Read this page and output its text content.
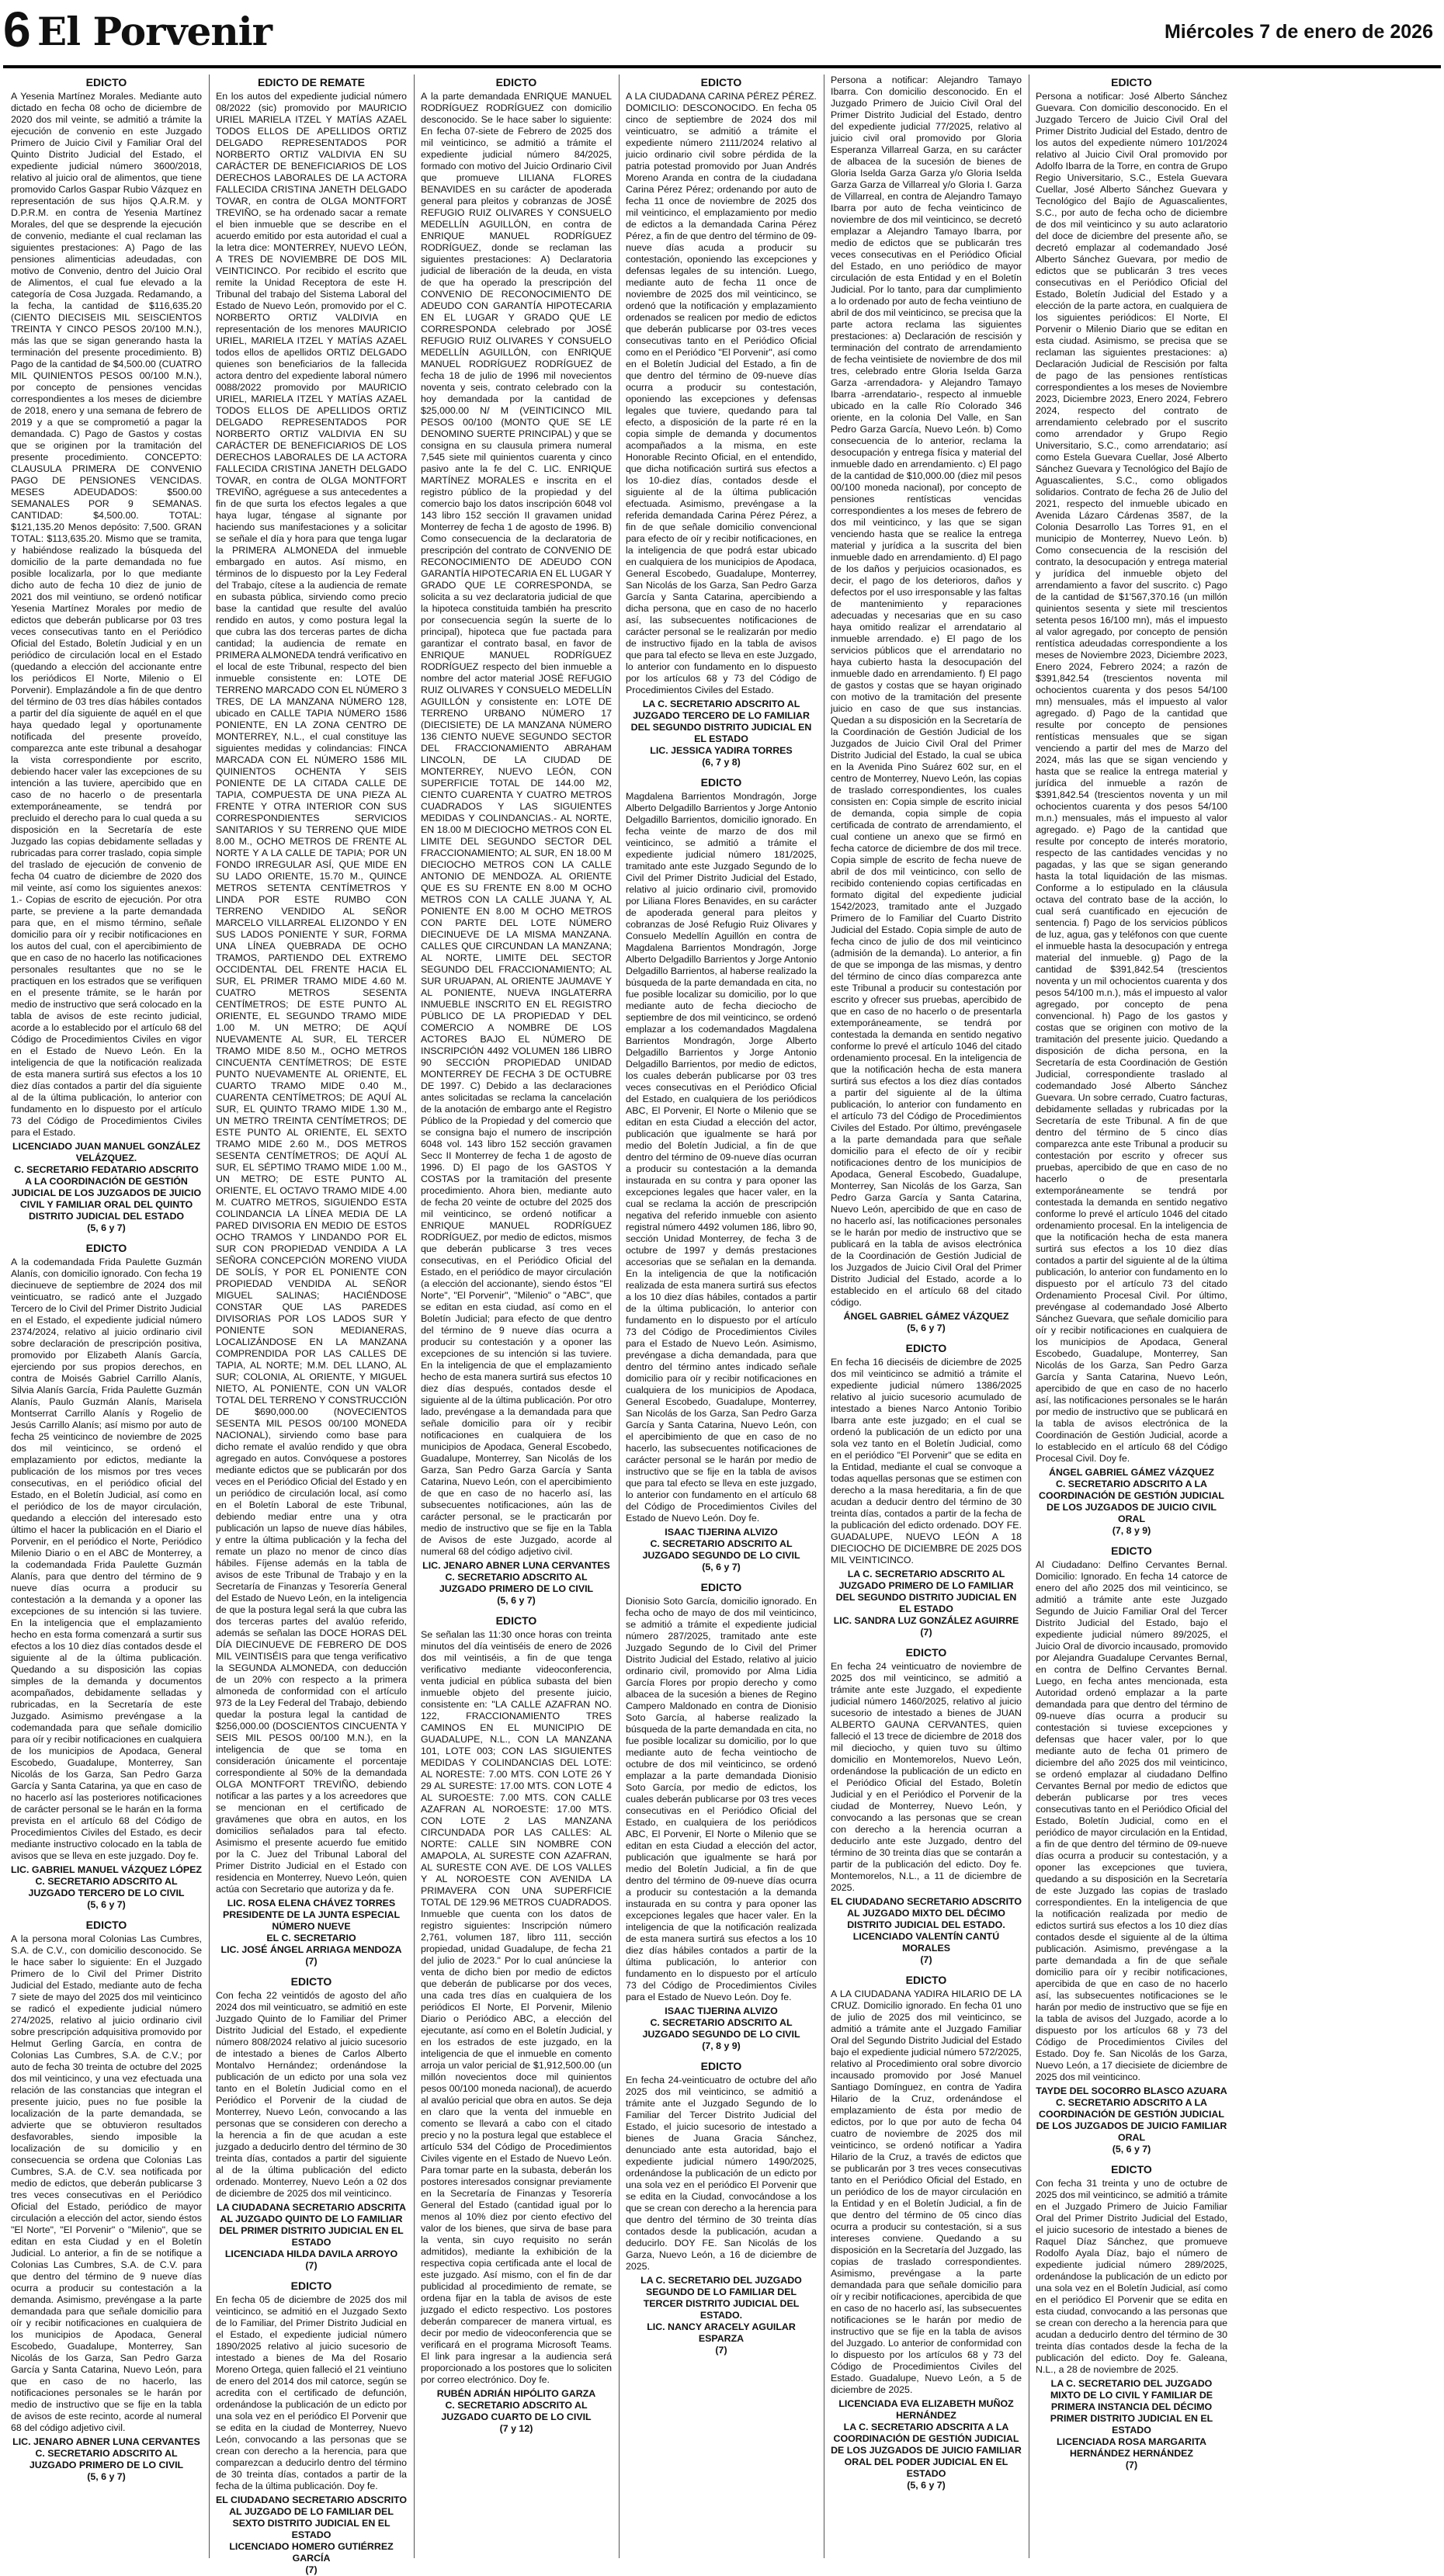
6 El Porvenir	Miércoles 7 de enero de 2026
EDICTO

A Yesenia Martínez Morales. Mediante auto dictado en fecha 08 ocho de diciembre de 2020 dos mil veinte, se admitió a trámite la ejecución de convenio en este Juzgado Primero de Juicio Civil y Familiar Oral del Quinto Distrito Judicial del Estado, el expediente judicial número 3600/2018, relativo al juicio oral de alimentos, que tiene promovido Carlos Gaspar Rubio Vázquez en representación de sus hijos Q.A.R.M. y D.P.R.M. en contra de Yesenia Martínez Morales, del que se desprende la ejecución de convenio, mediante el cual reclaman las siguientes prestaciones: A) Pago de las pensiones alimenticias adeudadas, con motivo de Convenio, dentro del Juicio Oral de Alimentos, el cual fue elevado a la categoría de Cosa Juzgada. Redamando, a la fecha, la cantidad de $116,635.20 (CIENTO DIECISEIS MIL SEISCIENTOS TREINTA Y CINCO PESOS 20/100 M.N.), más las que se sigan generando hasta la terminación del presente procedimiento. B) Pago de la cantidad de $4,500.00 (CUATRO MIL QUINIENTOS PESOS 00/100 M.N.), por concepto de pensiones vencidas correspondientes a los meses de diciembre de 2018, enero y una semana de febrero de 2019 y a que se comprometió a pagar la demandada. C) Pago de Gastos y costas que se originen por la tramitación del presente procedimiento. CONCEPTO: CLAUSULA PRIMERA DE CONVENIO PAGO DE PENSIONES VENCIDAS. MESES ADEUDADOS: $500.00 SEMANALES POR 9 SEMANAS. CANTIDAD: $4,500.00. TOTAL: $121,135.20 Menos depósito: 7,500. GRAN TOTAL: $113,635.20. Mismo que se tramita, y habiéndose realizado la búsqueda del domicilio de la parte demandada no fue posible localizarla, por lo que mediante dicho auto de fecha 10 diez de junio de 2021 dos mil veintiuno, se ordenó notificar Yesenia Martínez Morales por medio de edictos que deberán publicarse por 03 tres veces consecutivas tanto en el Periódico Oficial del Estado, Boletín Judicial y en un periódico de circulación local en el Estado (quedando a elección del accionante entre los periódicos El Norte, Milenio o El Porvenir). Emplazándole a fin de que dentro del término de 03 tres días hábiles contados a partir del día siguiente de aquél en el que haya quedado legal y oportunamente notificada del presente proveído, comparezca ante este tribunal a desahogar la vista correspondiente por escrito, debiendo hacer valer las excepciones de su intención a las tuviere, apercibido que en caso de no hacerlo o de presentarla extemporáneamente, se tendrá por precluido el derecho para lo cual queda a su disposición en la Secretaría de este Juzgado las copias debidamente selladas y rubricadas para correr traslado, copia simple del traslado de ejecución de convenio de fecha 04 cuatro de diciembre de 2020 dos mil veinte, así como los siguientes anexos: 1.- Copias de escrito de ejecución. Por otra parte, se previene a la parte demandada para que, en el mismo término, señale domicilio para oír y recibir notificaciones en los autos del cual, con el apercibimiento de que en caso de no hacerlo las notificaciones personales resultantes que no se le practiquen en los estrados que se verifiquen en el presente trámite, se le harán por medio de instructivo que será colocado en la tabla de avisos de este recinto judicial, acorde a lo establecido por el artículo 68 del Código de Procedimientos Civiles en vigor en el Estado de Nuevo León. En la inteligencia de que la notificación realizada de esta manera surtirá sus efectos a los 10 diez días contados a partir del día siguiente al de la última publicación, lo anterior con fundamento en lo dispuesto por el artículo 73 del Código de Procedimientos Civiles para el Estado.

LICENCIADO JUAN MANUEL GONZÁLEZ VELÁZQUEZ.
C. SECRETARIO FEDATARIO ADSCRITO A LA COORDINACIÓN DE GESTIÓN JUDICIAL DE LOS JUZGADOS DE JUICIO CIVIL Y FAMILIAR ORAL DEL QUINTO DISTRITO JUDICIAL DEL ESTADO
(5, 6 y 7)
EDICTO

A la codemandada Frida Paulette Guzmán Alanís, con domicilio ignorado. Con fecha 19 diecinueve de septiembre de 2024 dos mil veinticuatro, se radicó ante el Juzgado Tercero de lo Civil del Primer Distrito Judicial en el Estado, el expediente judicial número 2374/2024, relativo al juicio ordinario civil sobre declaración de prescripción positiva, promovido por Elizabeth Alanís García, ejerciendo por sus propios derechos, en contra de Moisés Gabriel Carrillo Alanís, Silvia Alanís García, Frida Paulette Guzmán Alanís, Paulo Guzmán Alanís, Marisela Montserrat Carrillo Alanís y Rogelio de Jesús Carrillo Alanís; así mismo por auto de fecha 25 veinticinco de noviembre de 2025 dos mil veinticinco, se ordenó el emplazamiento por edictos, mediante la publicación de los mismos por tres veces consecutivas, en el periódico oficial del Estado, en el Boletín Judicial, así como en el periódico de los de mayor circulación, quedando a elección del interesado esto último el hacer la publicación en el Diario el Porvenir, en el periódico el Norte, Periódico Milenio Diario o en el ABC de Monterrey, a la codemandada Frida Paulette Guzmán Alanís, para que dentro del término de 9 nueve días ocurra a producir su contestación a la demanda y a oponer las excepciones de su intención si las tuviere. En la inteligencia que el emplazamiento hecho en esta forma comenzará a surtir sus efectos a los 10 diez días contados desde el siguiente al de la última publicación. Quedando a su disposición las copias simples de la demanda y documentos acompañados, debidamente selladas y rubricadas, en la Secretaría de este Juzgado. Asimismo prevéngase a la codemandada para que señale domicilio para oír y recibir notificaciones en cualquiera de los municipios de Apodaca, General Escobedo, Guadalupe, Monterrey, San Nicolás de los Garza, San Pedro Garza García y Santa Catarina, ya que en caso de no hacerlo así las posteriores notificaciones de carácter personal se le harán en la forma prevista en el artículo 68 del Código de Procedimientos Civiles del Estado, es decir mediante instructivo colocado en la tabla de avisos que se lleva en este juzgado. Doy fe.

LIC. GABRIEL MANUEL VÁZQUEZ LÓPEZ
C. SECRETARIO ADSCRITO AL JUZGADO TERCERO DE LO CIVIL
(5, 6 y 7)
EDICTO

A la persona moral Colonias Las Cumbres, S.A. de C.V., con domicilio desconocido. Se le hace saber lo siguiente: En el Juzgado Primero de lo Civil del Primer Distrito Judicial del Estado, mediante auto de fecha 7 siete de mayo del 2025 dos mil veinticinco se radicó el expediente judicial número 274/2025, relativo al juicio ordinario civil sobre prescripción adquisitiva promovido por Helmut Gerling García, en contra de Colonias Las Cumbres, S.A. de C.V.; por auto de fecha 30 treinta de octubre del 2025 dos mil veinticinco, y una vez efectuada una relación de las constancias que integran el presente juicio, pues no fue posible la localización de la parte demandada, se advierte que se obtuvieron resultados desfavorables, siendo imposible la localización de su domicilio y en consecuencia se ordena que Colonias Las Cumbres, S.A. de C.V. sea notificada por medio de edictos, que deberán publicarse 3 tres veces consecutivas en el Periódico Oficial del Estado, periódico de mayor circulación a elección del actor, siendo éstos "El Norte", "El Porvenir" o "Milenio", que se editan en esta Ciudad y en el Boletín Judicial. Lo anterior, a fin de se notifique a Colonias Las Cumbres, S.A. de C.V. para que dentro del término de 9 nueve días ocurra a producir su contestación a la demanda. Asimismo, prevéngase a la parte demandada para que señale domicilio para oír y recibir notificaciones en cualquiera de los municipios de Apodaca, General Escobedo, Guadalupe, Monterrey, San Nicolás de los Garza, San Pedro Garza García y Santa Catarina, Nuevo León, para que en caso de no hacerlo, las notificaciones personales se le harán por medio de instructivo que se fije en la tabla de avisos de este recinto, acorde al numeral 68 del código adjetivo civil.

LIC. JENARO ABNER LUNA CERVANTES
C. SECRETARIO ADSCRITO AL JUZGADO PRIMERO DE LO CIVIL
(5, 6 y 7)
EDICTO DE REMATE

En los autos del expediente judicial número 08/2022 (sic) promovido por MAURICIO URIEL MARIELA ITZEL Y MATÍAS AZAEL TODOS ELLOS DE APELLIDOS ORTIZ DELGADO REPRESENTADOS POR NORBERTO ORTIZ VALDIVIA EN SU CARÁCTER DE BENEFICIARIOS DE LOS DERECHOS LABORALES DE LA ACTORA FALLECIDA CRISTINA JANETH DELGADO TOVAR, en contra de OLGA MONTFORT TREVIÑO, se ha ordenado sacar a remate el bien inmueble que se describe en el acuerdo emitido por esta autoridad el cual a la letra dice: MONTERREY, NUEVO LEÓN, A TRES DE NOVIEMBRE DE DOS MIL VEINTICINCO. Por recibido el escrito que remite la Unidad Receptora de este H. Tribunal del trabajo del Sistema Laboral del Estado de Nuevo León, promovido por el C. NORBERTO ORTIZ VALDIVIA en representación de los menores MAURICIO URIEL, MARIELA ITZEL Y MATÍAS AZAEL todos ellos de apellidos ORTIZ DELGADO quienes son beneficiarios de la fallecida actora dentro del expediente laboral número 0088/2022 promovido por MAURICIO URIEL, MARIELA ITZEL Y MATÍAS AZAEL TODOS ELLOS DE APELLIDOS ORTIZ DELGADO REPRESENTADOS POR NORBERTO ORTIZ VALDIVIA EN SU CARÁCTER DE BENEFICIARIOS DE LOS DERECHOS LABORALES DE LA ACTORA FALLECIDA CRISTINA JANETH DELGADO TOVAR, en contra de OLGA MONTFORT TREVIÑO, agréguese a sus antecedentes a fin de que surta los efectos legales a que haya lugar, téngase al signante por haciendo sus manifestaciones y a solicitar se señale el día y hora para que tenga lugar la PRIMERA ALMONEDA del inmueble embargado en autos. Así mismo, en términos de lo dispuesto por la Ley Federal del Trabajo, cítese a la audiencia de remate en subasta pública, sirviendo como precio base la cantidad que resulte del avalúo rendido en autos, y como postura legal la que cubra las dos terceras partes de dicha cantidad; la audiencia de remate en PRIMERA ALMONEDA tendrá verificativo en el local de este Tribunal, respecto del bien inmueble consistente en: LOTE DE TERRENO MARCADO CON EL NÚMERO 3 TRES, DE LA MANZANA NÚMERO 128, ubicado en CALLE TAPIA NÚMERO 1586 PONIENTE, EN LA ZONA CENTRO DE MONTERREY, N.L., el cual constituye las siguientes medidas y colindancias: FINCA MARCADA CON EL NÚMERO 1586 MIL QUINIENTOS OCHENTA Y SEIS PONIENTE DE LA CITADA CALLE DE TAPIA, COMPUESTA DE UNA PIEZA AL FRENTE Y OTRA INTERIOR CON SUS CORRESPONDIENTES SERVICIOS SANITARIOS Y SU TERRENO QUE MIDE 8.00 M., OCHO METROS DE FRENTE AL NORTE Y A LA CALLE DE TAPIA; POR UN FONDO IRREGULAR ASÍ, QUE MIDE EN SU LADO ORIENTE, 15.70 M., QUINCE METROS SETENTA CENTÍMETROS Y LINDA POR ESTE RUMBO CON TERRENO VENDIDO AL SEÑOR MARCELO VILLARREAL ELIZONDO Y EN SUS LADOS PONIENTE Y SUR, FORMA UNA LÍNEA QUEBRADA DE OCHO TRAMOS, PARTIENDO DEL EXTREMO OCCIDENTAL DEL FRENTE HACIA EL SUR, EL PRIMER TRAMO MIDE 4.60 M. CUATRO METROS SESENTA CENTÍMETROS; DE ESTE PUNTO AL ORIENTE, EL SEGUNDO TRAMO MIDE 1.00 M. UN METRO; DE AQUÍ NUEVAMENTE AL SUR, EL TERCER TRAMO MIDE 8.50 M., OCHO METROS CINCUENTA CENTÍMETROS; DE ESTE PUNTO NUEVAMENTE AL ORIENTE, EL CUARTO TRAMO MIDE 0.40 M., CUARENTA CENTÍMETROS; DE AQUÍ AL SUR, EL QUINTO TRAMO MIDE 1.30 M., UN METRO TREINTA CENTÍMETROS; DE ESTE PUNTO AL ORIENTE, EL SEXTO TRAMO MIDE 2.60 M., DOS METROS SESENTA CENTÍMETROS; DE AQUÍ AL SUR, EL SÉPTIMO TRAMO MIDE 1.00 M., UN METRO; DE ESTE PUNTO AL ORIENTE, EL OCTAVO TRAMO MIDE 4.00 M. CUATRO METROS, SIGUIENDO ESTA COLINDANCIA LA LÍNEA MEDIA DE LA PARED DIVISORIA EN MEDIO DE ESTOS OCHO TRAMOS Y LINDANDO POR EL SUR CON PROPIEDAD VENDIDA A LA SEÑORA CONCEPCIÓN MORENO VIUDA DE SOLÍS, Y POR EL PONIENTE CON PROPIEDAD VENDIDA AL SEÑOR MIGUEL SALINAS; HACIÉNDOSE CONSTAR QUE LAS PAREDES DIVISORIAS POR LOS LADOS SUR Y PONIENTE SON MEDIANERAS, LOCALIZÁNDOSE EN LA MANZANA COMPRENDIDA POR LAS CALLES DE TAPIA, AL NORTE; M.M. DEL LLANO, AL SUR; COLONIA, AL ORIENTE, Y MIGUEL NIETO, AL PONIENTE, CON UN VALOR TOTAL DEL TERRENO Y CONSTRUCCIÓN DE $690,000.00 (NOVECIENTOS SESENTA MIL PESOS 00/100 MONEDA NACIONAL), sirviendo como base para dicho remate el avalúo rendido y que obra agregado en autos. Convóquese a postores mediante edictos que se publicarán por dos veces en el Periódico Oficial del Estado y en un periódico de circulación local, así como en el Boletín Laboral de este Tribunal, debiendo mediar entre una y otra publicación un lapso de nueve días hábiles, y entre la última publicación y la fecha del remate un plazo no menor de cinco días hábiles. Fíjense además en la tabla de avisos de este Tribunal de Trabajo y en la Secretaría de Finanzas y Tesorería General del Estado de Nuevo León, en la inteligencia de que la postura legal será la que cubra las dos terceras partes del avalúo referido, además se señalan las DOCE HORAS DEL DÍA DIECINUEVE DE FEBRERO DE DOS MIL VEINTISÉIS para que tenga verificativo la SEGUNDA ALMONEDA, con deducción de un 20% con respecto a la primera almoneda de conformidad con el artículo 973 de la Ley Federal del Trabajo, debiendo quedar la postura legal la cantidad de $256,000.00 (DOSCIENTOS CINCUENTA Y SEIS MIL PESOS 00/100 M.N.), en la inteligencia de que se toma en consideración únicamente el porcentaje correspondiente al 50% de la demandada OLGA MONTFORT TREVIÑO, debiendo notificar a las partes y a los acreedores que se mencionan en el certificado de gravámenes que obra en autos, en los domicilios señalados para tal efecto. Asimismo el presente acuerdo fue emitido por la C. Juez del Tribunal Laboral del Primer Distrito Judicial en el Estado con residencia en Monterrey, Nuevo León, quien actúa con Secretario que autoriza y da fe.

LIC. ROSA ELENA CHÁVEZ TORRES
PRESIDENTE DE LA JUNTA ESPECIAL NÚMERO NUEVE
EL C. SECRETARIO
LIC. JOSÉ ÁNGEL ARRIAGA MENDOZA
(7)
EDICTO

Con fecha 22 veintidós de agosto del año 2024 dos mil veinticuatro, se admitió en este Juzgado Quinto de lo Familiar del Primer Distrito Judicial del Estado, el expediente número 808/2024 relativo al juicio sucesorio de intestado a bienes de Carlos Alberto Montalvo Hernández; ordenándose la publicación de un edicto por una sola vez tanto en el Boletín Judicial como en el Periódico el Porvenir de la ciudad de Monterrey, Nuevo León, convocando a las personas que se consideren con derecho a la herencia a fin de que acudan a este juzgado a deducirlo dentro del término de 30 treinta días, contados a partir del siguiente al de la última publicación del edicto ordenado. Monterrey, Nuevo León a 02 dos de diciembre de 2025 dos mil veinticinco.

LA CIUDADANA SECRETARIO ADSCRITA AL JUZGADO QUINTO DE LO FAMILIAR DEL PRIMER DISTRITO JUDICIAL EN EL ESTADO
LICENCIADA HILDA DAVILA ARROYO
(7)
EDICTO

En fecha 05 de diciembre de 2025 dos mil veinticinco, se admitió en el Juzgado Sexto de lo Familiar, del Primer Distrito Judicial en el Estado, el expediente judicial número 1890/2025 relativo al juicio sucesorio de intestado a bienes de Ma del Rosario Moreno Ortega, quien falleció el 21 veintiuno de enero del 2014 dos mil catorce, según se acredita con el certificado de defunción, ordenándose la publicación de un edicto por una sola vez en el periódico El Porvenir que se edita en la ciudad de Monterrey, Nuevo León, convocando a las personas que se crean con derecho a la herencia, para que comparezcan a deducirlo dentro del término de 30 treinta días, contados a partir de la fecha de la última publicación. Doy fe.

EL CIUDADANO SECRETARIO ADSCRITO AL JUZGADO DE LO FAMILIAR DEL SEXTO DISTRITO JUDICIAL EN EL ESTADO
LICENCIADO HOMERO GUTIÉRREZ GARCÍA
(7)
EDICTO

A la parte demandada ENRIQUE MANUEL RODRÍGUEZ RODRÍGUEZ con domicilio desconocido. Se le hace saber lo siguiente: En fecha 07-siete de Febrero de 2025 dos mil veinticinco, se admitió a trámite el expediente judicial número 84/2025, formado con motivo del Juicio Ordinario Civil que promueve LILIANA FLORES BENAVIDES en su carácter de apoderada general para pleitos y cobranzas de JOSÉ REFUGIO RUIZ OLIVARES Y CONSUELO MEDELLÍN AGUILLÓN, en contra de ENRIQUE MANUEL RODRÍGUEZ RODRÍGUEZ, donde se reclaman las siguientes prestaciones: A) Declaratoria judicial de liberación de la deuda, en vista de que ha operado la prescripción del CONVENIO DE RECONOCIMIENTO DE ADEUDO CON GARANTÍA HIPOTECARIA EN EL LUGAR Y GRADO QUE LE CORRESPONDA celebrado por JOSÉ REFUGIO RUIZ OLIVARES Y CONSUELO MEDELLÍN AGUILLÓN, con ENRIQUE MANUEL RODRÍGUEZ RODRÍGUEZ de fecha 18 de julio de 1996 mil novecientos noventa y seis, contrato celebrado con la hoy demandada por la cantidad de $25,000.00 N/ M (VEINTICINCO MIL PESOS 00/100 (MONTO QUE SE LE DENOMINO SUERTE PRINCIPAL) y que se consigna en su clausula primera numeral 7,545 siete mil quinientos cuarenta y cinco pasivo ante la fe del C. LIC. ENRIQUE MARTÍNEZ MORALES e inscrita en el registro público de la propiedad y del comercio bajo los datos inscripción 6048 vol 143 libro 152 sección II gravamen unidad Monterrey de fecha 1 de agosto de 1996. B) Como consecuencia de la declaratoria de prescripción del contrato de CONVENIO DE RECONOCIMIENTO DE ADEUDO CON GARANTÍA HIPOTECARIA EN EL LUGAR Y GRADO QUE LE CORRESPONDA, se solicita a su vez declaratoria judicial de que la hipoteca constituida también ha prescrito por consecuencia según la suerte de lo principal), hipoteca que fue pactada para garantizar el contrato basal, en favor de ENRIQUE MANUEL RODRÍGUEZ RODRÍGUEZ respecto del bien inmueble a nombre del actor material JOSÉ REFUGIO RUIZ OLIVARES Y CONSUELO MEDELLÍN AGUILLÓN y consistente en: LOTE DE TERRENO URBANO NÚMERO 17 (DIECISIETE) DE LA MANZANA NÚMERO 136 CIENTO NUEVE SEGUNDO SECTOR DEL FRACCIONAMIENTO ABRAHAM LINCOLN, DE LA CIUDAD DE MONTERREY, NUEVO LEÓN, CON SUPERFICIE TOTAL DE 144.00 M2, CIENTO CUARENTA Y CUATRO METROS CUADRADOS Y LAS SIGUIENTES MEDIDAS Y COLINDANCIAS.- AL NORTE, EN 18.00 M DIECIOCHO METROS CON EL LIMITE DEL SEGUNDO SECTOR DEL FRACCIONAMIENTO; AL SUR, EN 18.00 M DIECIOCHO METROS CON LA CALLE ANTONIO DE MENDOZA. AL ORIENTE QUE ES SU FRENTE EN 8.00 M OCHO METROS CON LA CALLE JUANA Y, AL PONIENTE EN 8.00 M OCHO METROS CON PARTE DEL LOTE NÚMERO DIECINUEVE DE LA MISMA MANZANA. CALLES QUE CIRCUNDAN LA MANZANA; AL NORTE, LIMITE DEL SECTOR SEGUNDO DEL FRACCIONAMIENTO; AL SUR URUAPAN, AL ORIENTE JAUMAVE Y AL PONIENTE, NUEVA INGLATERRA INMUEBLE INSCRITO EN EL REGISTRO PÚBLICO DE LA PROPIEDAD Y DEL COMERCIO A NOMBRE DE LOS ACTORES BAJO EL NÚMERO DE INSCRIPCIÓN 4492 VOLUMEN 186 LIBRO 90 SECCIÓN PROPIEDAD UNIDAD MONTERREY DE FECHA 3 DE OCTUBRE DE 1997. C) Debido a las declaraciones antes solicitadas se reclama la cancelación de la anotación de embargo ante el Registro Público de la Propiedad y del comercio que se consigna bajo el numero de inscripción 6048 vol. 143 libro 152 sección gravamen Secc II Monterrey de fecha 1 de agosto de 1996. D) El pago de los GASTOS Y COSTAS por la tramitación del presente procedimiento. Ahora bien, mediante auto de fecha 20 veinte de octubre del 2025 dos mil veinticinco, se ordenó notificar a ENRIQUE MANUEL RODRÍGUEZ RODRÍGUEZ, por medio de edictos, mismos que deberán publicarse 3 tres veces consecutivas, en el Periódico Oficial del Estado, en el periódico de mayor circulación (a elección del accionante), siendo éstos "El Norte", "El Porvenir", "Milenio" o "ABC", que se editan en esta ciudad, así como en el Boletín Judicial; para efecto de que dentro del término de 9 nueve días ocurra a producir su contestación y a oponer las excepciones de su intención si las tuviere. En la inteligencia de que el emplazamiento hecho de esta manera surtirá sus efectos 10 diez días después, contados desde el siguiente al de la última publicación. Por otro lado, prevéngase a la demandada para que señale domicilio para oír y recibir notificaciones en cualquiera de los municipios de Apodaca, General Escobedo, Guadalupe, Monterrey, San Nicolás de los Garza, San Pedro Garza García y Santa Catarina, Nuevo León, con el apercibimiento de que en caso de no hacerlo así, las subsecuentes notificaciones, aún las de carácter personal, se le practicarán por medio de instructivo que se fije en la Tabla de Avisos de este Juzgado, acorde al numeral 68 del código adjetivo civil.

LIC. JENARO ABNER LUNA CERVANTES
C. SECRETARIO ADSCRITO AL JUZGADO PRIMERO DE LO CIVIL
(5, 6 y 7)
EDICTO

Se señalan las 11:30 once horas con treinta minutos del día veintiséis de enero de 2026 dos mil veintiséis, a fin de que tenga verificativo mediante videoconferencia, venta judicial en pública subasta del bien inmueble objeto del presente juicio, consistente en: "LA CALLE AZAFRAN NO. 122, FRACCIONAMIENTO TRES CAMINOS EN EL MUNICIPIO DE GUADALUPE, N.L., CON LA MANZANA 101, LOTE 003; CON LAS SIGUIENTES MEDIDAS Y COLINDANCIAS DEL LOTE: AL NORESTE: 7.00 MTS. CON LOTE 26 Y 29 AL SURESTE: 17.00 MTS. CON LOTE 4 AL SUROESTE: 7.00 MTS. CON CALLE AZAFRAN AL NOROESTE: 17.00 MTS. CON LOTE 2 LAS MANZANA CIRCUNDADA POR LAS CALLES: AL NORTE: CALLE SIN NOMBRE CON AMAPOLA, AL SURESTE CON AZAFRAN, AL SURESTE CON AVE. DE LOS VALLES Y AL NOROESTE CON AVENIDA LA PRIMAVERA CON UNA SUPERFICIE TOTAL DE 129.96 METROS CUADRADOS. Inmueble que cuenta con los datos de registro siguientes: Inscripción número 2,761, volumen 187, libro 111, sección propiedad, unidad Guadalupe, de fecha 21 del julio de 2023." Por lo cual anúnciese la venta de dicho bien por medio de edictos que deberán de publicarse por dos veces, una cada tres días en cualquiera de los periódicos El Norte, El Porvenir, Milenio Diario o Periódico ABC, a elección del ejecutante, así como en el Boletín Judicial, y en los estrados de este juzgado, en la inteligencia de que el inmueble en comento arroja un valor pericial de $1,912,500.00 (un millón novecientos doce mil quinientos pesos 00/100 moneda nacional), de acuerdo al avalúo pericial que obra en autos. Se deja en claro que la venta del inmueble en comento se llevará a cabo con el citado precio y no la postura legal que establece el artículo 534 del Código de Procedimientos Civiles vigente en el Estado de Nuevo León. Para tomar parte en la subasta, deberán los postores interesados consignar previamente en la Secretaría de Finanzas y Tesorería General del Estado (cantidad igual por lo menos al 10% diez por ciento efectivo del valor de los bienes, que sirva de base para la venta, sin cuyo requisito no serán admitidos), mediante la exhibición de la respectiva copia certificada ante el local de este juzgado. Así mismo, con el fin de dar publicidad al procedimiento de remate, se ordena fijar en la tabla de avisos de este juzgado el edicto respectivo. Los postores deberán comparecer de manera virtual, es decir por medio de videoconferencia que se verificará en el programa Microsoft Teams. El link para ingresar a la audiencia será proporcionado a los postores que lo soliciten por correo electrónico. Doy fe.

RUBÉN ADRIÁN HIPÓLITO GARZA
C. SECRETARIO ADSCRITO AL JUZGADO CUARTO DE LO CIVIL
(7 y 12)
EDICTO

A LA CIUDADANA CARINA PÉREZ PÉREZ. DOMICILIO: DESCONOCIDO. En fecha 05 cinco de septiembre de 2024 dos mil veinticuatro, se admitió a trámite el expediente número 2111/2024 relativo al juicio ordinario civil sobre pérdida de la patria potestad promovido por Juan Andrés Moreno Aranda en contra de la ciudadana Carina Pérez Pérez; ordenando por auto de fecha 11 once de noviembre de 2025 dos mil veinticinco, el emplazamiento por medio de edictos a la demandada Carina Pérez Pérez, a fin de que dentro del término de 09-nueve días acuda a producir su contestación, oponiendo las excepciones y defensas legales de su intención. Luego, mediante auto de fecha 11 once de noviembre de 2025 dos mil veinticinco, se ordenó que la notificación y emplazamiento ordenados se realicen por medio de edictos que deberán publicarse por 03-tres veces consecutivas tanto en el Periódico Oficial como en el Periódico "El Porvenir", así como en el Boletín Judicial del Estado, a fin de que dentro del término de 09-nueve días ocurra a producir su contestación, oponiendo las excepciones y defensas legales que tuviere, quedando para tal efecto, a disposición de la parte ré en la copia simple de demanda y documentos acompañados a la misma, en este Honorable Recinto Oficial, en el entendido, que dicha notificación surtirá sus efectos a los 10-diez días, contados desde el siguiente al de la última publicación efectuada. Asimismo, prevéngase a la referida demandada Carina Pérez Pérez, a fin de que señale domicilio convencional para efecto de oír y recibir notificaciones, en la inteligencia de que podrá estar ubicado en cualquiera de los municipios de Apodaca, General Escobedo, Guadalupe, Monterrey, San Nicolás de los Garza, San Pedro Garza García y Santa Catarina, apercibiendo a dicha persona, que en caso de no hacerlo así, las subsecuentes notificaciones de carácter personal se le realizarán por medio de instructivo fijado en la tabla de avisos que para tal efecto se lleva en este Juzgado, lo anterior con fundamento en lo dispuesto por los artículos 68 y 73 del Código de Procedimientos Civiles del Estado.

LA C. SECRETARIO ADSCRITO AL JUZGADO TERCERO DE LO FAMILIAR DEL SEGUNDO DISTRITO JUDICIAL EN EL ESTADO
LIC. JESSICA YADIRA TORRES
(6, 7 y 8)
EDICTO

Magdalena Barrientos Mondragón, Jorge Alberto Delgadillo Barrientos y Jorge Antonio Delgadillo Barrientos, domicilio ignorado. En fecha veinte de marzo de dos mil veinticinco, se admitió a trámite el expediente judicial número 181/2025, tramitado ante este Juzgado Segundo de lo Civil del Primer Distrito Judicial del Estado, relativo al juicio ordinario civil, promovido por Liliana Flores Benavides, en su carácter de apoderada general para pleitos y cobranzas de José Refugio Ruiz Olivares y Consuelo Medellín Aguillón en contra de Magdalena Barrientos Mondragón, Jorge Alberto Delgadillo Barrientos y Jorge Antonio Delgadillo Barrientos, al haberse realizado la búsqueda de la parte demandada en cita, no fue posible localizar su domicilio, por lo que mediante auto de fecha dieciocho de septiembre de dos mil veinticinco, se ordenó emplazar a los codemandados Magdalena Barrientos Mondragón, Jorge Alberto Delgadillo Barrientos y Jorge Antonio Delgadillo Barrientos, por medio de edictos, los cuales deberán publicarse por 03 tres veces consecutivas en el Periódico Oficial del Estado, en cualquiera de los periódicos ABC, El Porvenir, El Norte o Milenio que se editan en esta Ciudad a elección del actor, publicación que igualmente se hará por medio del Boletín Judicial, a fin de que dentro del término de 09-nueve días ocurran a producir su contestación a la demanda instaurada en su contra y para oponer las excepciones legales que hacer valer, en la cual se reclama la acción de prescripción negativa del referido inmueble con asiento registral número 4492 volumen 186, libro 90, sección Unidad Monterrey, de fecha 3 de octubre de 1997 y demás prestaciones accesorias que se señalan en la demanda. En la inteligencia de que la notificación realizada de esta manera surtirá sus efectos a los 10 diez días hábiles, contados a partir de la última publicación, lo anterior con fundamento en lo dispuesto por el artículo 73 del Código de Procedimientos Civiles para el Estado de Nuevo León. Asimismo, prevéngase a dicha demandada, para que dentro del término antes indicado señale domicilio para oír y recibir notificaciones en cualquiera de los municipios de Apodaca, General Escobedo, Guadalupe, Monterrey, San Nicolás de los Garza, San Pedro Garza García y Santa Catarina, Nuevo León, con el apercibimiento de que en caso de no hacerlo, las subsecuentes notificaciones de carácter personal se le harán por medio de instructivo que se fije en la tabla de avisos que para tal efecto se lleva en este juzgado, lo anterior con fundamento en el artículo 68 del Código de Procedimientos Civiles del Estado de Nuevo León. Doy fe.

ISAAC TIJERINA ALVIZO
C. SECRETARIO ADSCRITO AL JUZGADO SEGUNDO DE LO CIVIL
(5, 6 y 7)
EDICTO

Dionisio Soto García, domicilio ignorado. En fecha ocho de mayo de dos mil veinticinco, se admitió a trámite el expediente judicial número 287/2025, tramitado ante este Juzgado Segundo de lo Civil del Primer Distrito Judicial del Estado, relativo al juicio ordinario civil, promovido por Alma Lidia García Flores por propio derecho y como albacea de la sucesión a bienes de Regino Campero Maldonado en contra de Dionisio Soto García, al haberse realizado la búsqueda de la parte demandada en cita, no fue posible localizar su domicilio, por lo que mediante auto de fecha veintiocho de octubre de dos mil veinticinco, se ordenó emplazar a la parte demandada Dionisio Soto García, por medio de edictos, los cuales deberán publicarse por 03 tres veces consecutivas en el Periódico Oficial del Estado, en cualquiera de los periódicos ABC, El Porvenir, El Norte o Milenio que se editan en esta Ciudad a elección del actor, publicación que igualmente se hará por medio del Boletín Judicial, a fin de que dentro del término de 09-nueve días ocurra a producir su contestación a la demanda instaurada en su contra y para oponer las excepciones legales que hacer valer. En la inteligencia de que la notificación realizada de esta manera surtirá sus efectos a los 10 diez días hábiles contados a partir de la última publicación, lo anterior con fundamento en lo dispuesto por el artículo 73 del Código de Procedimientos Civiles para el Estado de Nuevo León. Doy fe.

ISAAC TIJERINA ALVIZO
C. SECRETARIO ADSCRITO AL JUZGADO SEGUNDO DE LO CIVIL
(7, 8 y 9)
EDICTO

En fecha 24-veinticuatro de octubre del año 2025 dos mil veinticinco, se admitió a trámite ante el Juzgado Segundo de lo Familiar del Tercer Distrito Judicial del Estado, el juicio sucesorio de intestado a bienes de Juana Gracia Sánchez, denunciado ante esta autoridad, bajo el expediente judicial número 1490/2025, ordenándose la publicación de un edicto por una sola vez en el periódico El Porvenir que se edita en la Ciudad, convocándose a los que se crean con derecho a la herencia para que dentro del término de 30 treinta días contados desde la publicación, acudan a deducirlo. DOY FE. San Nicolás de los Garza, Nuevo León, a 16 de diciembre de 2025.

LA C. SECRETARIO DEL JUZGADO SEGUNDO DE LO FAMILIAR DEL TERCER DISTRITO JUDICIAL DEL ESTADO.
LIC. NANCY ARACELY AGUILAR ESPARZA
(7)

Persona a notificar: Alejandro Tamayo Ibarra. Con domicilio desconocido. En el Juzgado Primero de Juicio Civil Oral del Primer Distrito Judicial del Estado, dentro del expediente judicial 77/2025, relativo al juicio civil oral promovido por Gloria Esperanza Villarreal Garza, en su carácter de albacea de la sucesión de bienes de Gloria Iselda Garza Garza y/o Gloria Iselda Garza Garza de Villarreal y/o Gloria I. Garza de Villarreal, en contra de Alejandro Tamayo Ibarra por auto de fecha veinticinco de noviembre de dos mil veinticinco, se decretó emplazar a Alejandro Tamayo Ibarra, por medio de edictos que se publicarán tres veces consecutivas en el Periódico Oficial del Estado, en uno periódico de mayor circulación de esta Entidad y en el Boletín Judicial. Por lo tanto, para dar cumplimiento a lo ordenado por auto de fecha veintiuno de abril de dos mil veinticinco, se precisa que la parte actora reclama las siguientes prestaciones: a) Declaración de rescisión y terminación del contrato de arrendamiento de fecha veintisiete de noviembre de dos mil tres, celebrado entre Gloria Iselda Garza Garza -arrendadora- y Alejandro Tamayo Ibarra -arrendatario-, respecto al inmueble ubicado en la calle Río Colorado 346 oriente, en la colonia Del Valle, en San Pedro Garza García, Nuevo León. b) Como consecuencia de lo anterior, reclama la desocupación y entrega física y material del inmueble dado en arrendamiento. c) El pago de la cantidad de $10,000.00 (diez mil pesos 00/100 moneda nacional), por concepto de pensiones rentísticas vencidas correspondientes a los meses de febrero de dos mil veinticinco, y las que se sigan venciendo hasta que se realice la entrega material y jurídica a la suscrita del bien inmueble dado en arrendamiento. d) El pago de los daños y perjuicios ocasionados, es decir, el pago de los deterioros, daños y defectos por el uso irresponsable y las faltas de mantenimiento y reparaciones adecuadas y necesarias que en su caso haya omitido realizar el arrendatario al inmueble arrendado. e) El pago de los servicios públicos que el arrendatario no haya cubierto hasta la desocupación del inmueble dado en arrendamiento. f) El pago de gastos y costas que se hayan originado con motivo de la tramitación del presente juicio en caso de que sus instancias. Quedan a su disposición en la Secretaría de la Coordinación de Gestión Judicial de los Juzgados de Juicio Civil Oral del Primer Distrito Judicial del Estado, la cual se ubica en la Avenida Pino Suárez 602 sur, en el centro de Monterrey, Nuevo León, las copias de traslado correspondientes, los cuales consisten en: Copia simple de escrito inicial de demanda, copia simple de copia certificada de contrato de arrendamiento, el cual contiene un anexo que se firmó en fecha catorce de diciembre de dos mil trece. Copia simple de escrito de fecha nueve de abril de dos mil veinticinco, con sello de recibido conteniendo copias certificadas en formato digital del expediente judicial 1542/2023, tramitado ante el Juzgado Primero de lo Familiar del Cuarto Distrito Judicial del Estado. Copia simple de auto de fecha cinco de julio de dos mil veinticinco (admisión de la demanda). Lo anterior, a fin de que se imponga de las mismas, y dentro del término de cinco días comparezca ante este Tribunal a producir su contestación por escrito y ofrecer sus pruebas, apercibido de que en caso de no hacerlo o de presentarla extemporáneamente, se tendrá por contestada la demanda en sentido negativo conforme lo prevé el artículo 1046 del citado ordenamiento procesal. En la inteligencia de que la notificación hecha de esta manera surtirá sus efectos a los diez días contados a partir del siguiente al de la última publicación, lo anterior con fundamento en el artículo 73 del Código de Procedimientos Civiles del Estado. Por último, prevéngasele a la parte demandada para que señale domicilio para el efecto de oír y recibir notificaciones dentro de los municipios de Apodaca, General Escobedo, Guadalupe, Monterrey, San Nicolás de los Garza, San Pedro Garza García y Santa Catarina, Nuevo León, apercibido de que en caso de no hacerlo así, las notificaciones personales se le harán por medio de instructivo que se publicará en la tabla de avisos electrónica de la Coordinación de Gestión Judicial de los Juzgados de Juicio Civil Oral del Primer Distrito Judicial del Estado, acorde a lo establecido en el artículo 68 del citado código.

ÁNGEL GABRIEL GÁMEZ VÁZQUEZ
(5, 6 y 7)
EDICTO

En fecha 16 dieciséis de diciembre de 2025 dos mil veinticinco se admitió a trámite el expediente judicial número 1386/2025 relativo al juicio sucesorio acumulado de intestado a bienes Narco Antonio Toribio Ibarra ante este juzgado; en el cual se ordenó la publicación de un edicto por una sola vez tanto en el Boletín Judicial, como en el periódico "El Porvenir" que se edita en la Entidad, mediante el cual se convoque a todas aquellas personas que se estimen con derecho a la masa hereditaria, a fin de que acudan a deducir dentro del término de 30 treinta días, contados a partir de la fecha de la publicación del edicto ordenado. DOY FE. GUADALUPE, NUEVO LEÓN A 18 DIECIOCHO DE DICIEMBRE DE 2025 DOS MIL VEINTICINCO.

LA C. SECRETARIO ADSCRITO AL JUZGADO PRIMERO DE LO FAMILIAR DEL SEGUNDO DISTRITO JUDICIAL EN EL ESTADO
LIC. SANDRA LUZ GONZÁLEZ AGUIRRE
(7)
EDICTO

En fecha 24 veinticuatro de noviembre de 2025 dos mil veinticinco, se admitió a trámite ante este Juzgado, el expediente judicial número 1460/2025, relativo al juicio sucesorio de intestado a bienes de JUAN ALBERTO GAUNA CERVANTES, quien falleció el 13 trece de diciembre de 2018 dos mil dieciocho, y quien tuvo su último domicilio en Montemorelos, Nuevo León, ordenándose la publicación de un edicto en el Periódico Oficial del Estado, Boletín Judicial y en el Periódico el Porvenir de la ciudad de Monterrey, Nuevo León, y convocando a las personas que se crean con derecho a la herencia ocurran a deducirlo ante este Juzgado, dentro del término de 30 treinta días que se contarán a partir de la publicación del edicto. Doy fe. Montemorelos, N.L., a 11 de diciembre de 2025.

EL CIUDADANO SECRETARIO ADSCRITO AL JUZGADO MIXTO DEL DÉCIMO DISTRITO JUDICIAL DEL ESTADO.
LICENCIADO VALENTÍN CANTÚ MORALES
(7)
EDICTO

A LA CIUDADANA YADIRA HILARIO DE LA CRUZ. Domicilio ignorado. En fecha 01 uno de julio de 2025 dos mil veinticinco, se admitió a trámite ante el Juzgado Familiar Oral del Segundo Distrito Judicial del Estado bajo el expediente judicial número 572/2025, relativo al Procedimiento oral sobre divorcio incausado promovido por José Manuel Santiago Domínguez, en contra de Yadira Hilario de la Cruz, ordenándose el emplazamiento de ésta por medio de edictos, por lo que por auto de fecha 04 cuatro de noviembre de 2025 dos mil veinticinco, se ordenó notificar a Yadira Hilario de la Cruz, a través de edictos que se publicarán por 3 tres veces consecutivas tanto en el Periódico Oficial del Estado, en un periódico de los de mayor circulación en la Entidad y en el Boletín Judicial, a fin de que dentro del término de 05 cinco días ocurra a producir su contestación, si a sus intereses conviene. Quedando a su disposición en la Secretaría del Juzgado, las copias de traslado correspondientes. Asimismo, prevéngase a la parte demandada para que señale domicilio para oír y recibir notificaciones, apercibida de que en caso de no hacerlo así, las subsecuentes notificaciones se le harán por medio de instructivo que se fije en la tabla de avisos del Juzgado. Lo anterior de conformidad con lo dispuesto por los artículos 68 y 73 del Código de Procedimientos Civiles del Estado. Guadalupe, Nuevo León, a 5 de diciembre de 2025.

LICENCIADA EVA ELIZABETH MUÑOZ HERNÁNDEZ
LA C. SECRETARIO ADSCRITA A LA COORDINACIÓN DE GESTIÓN JUDICIAL DE LOS JUZGADOS DE JUICIO FAMILIAR ORAL DEL PODER JUDICIAL EN EL ESTADO
(5, 6 y 7)
EDICTO

Persona a notificar: José Alberto Sánchez Guevara. Con domicilio desconocido. En el Juzgado Tercero de Juicio Civil Oral del Primer Distrito Judicial del Estado, dentro de los autos del expediente número 101/2024 relativo al Juicio Civil Oral promovido por Adolfo Ibarra de la Torre, en contra de Grupo Regio Universitario, S.C., Estela Guevara Cuellar, José Alberto Sánchez Guevara y Tecnológico del Bajío de Aguascalientes, S.C., por auto de fecha ocho de diciembre de dos mil veinticinco y su auto aclaratorio del doce de diciembre del presente año, se decretó emplazar al codemandado José Alberto Sánchez Guevara, por medio de edictos que se publicarán 3 tres veces consecutivas en el Periódico Oficial del Estado, Boletín Judicial del Estado y a elección de la parte actora, en cualquiera de los siguientes periódicos: El Norte, El Porvenir o Milenio Diario que se editan en esta ciudad. Asimismo, se precisa que se reclaman las siguientes prestaciones: a) Declaración Judicial de Rescisión por falta de pago de las pensiones rentísticas correspondientes a los meses de Noviembre 2023, Diciembre 2023, Enero 2024, Febrero 2024, respecto del contrato de arrendamiento celebrado por el suscrito como arrendador y Grupo Regio Universitario, S.C., como arrendatario; así como Estela Guevara Cuellar, José Alberto Sánchez Guevara y Tecnológico del Bajío de Aguascalientes, S.C., como obligados solidarios. Contrato de fecha 26 de Julio del 2021, respecto del inmueble ubicado en Avenida Lázaro Cárdenas 3587, de la Colonia Desarrollo Las Torres 91, en el municipio de Monterrey, Nuevo León. b) Como consecuencia de la rescisión del contrato, la desocupación y entrega material y jurídica del inmueble objeto del arrendamiento a favor del suscrito. c) Pago de la cantidad de $1'567,370.16 (un millón quinientos sesenta y siete mil trescientos setenta pesos 16/100 mn), más el impuesto al valor agregado, por concepto de pensión rentística adeudadas correspondiente a los meses de Noviembre 2023, Diciembre 2023, Enero 2024, Febrero 2024; a razón de $391,842.54 (trescientos noventa mil ochocientos cuarenta y dos pesos 54/100 mn) mensuales, más el impuesto al valor agregado. d) Pago de la cantidad que resulte por concepto de pensiones rentísticas mensuales que se sigan venciendo a partir del mes de Marzo del 2024, más las que se sigan venciendo y hasta que se realice la entrega material y jurídica del inmueble a razón de $391,842.54 (trescientos noventa y un mil ochocientos cuarenta y dos pesos 54/100 m.n.) mensuales, más el impuesto al valor agregado. e) Pago de la cantidad que resulte por concepto de interés moratorio, respecto de las cantidades vencidas y no pagadas, y las que se sigan generando hasta la total liquidación de las mismas. Conforme a lo estipulado en la cláusula octava del contrato base de la acción, lo cual será cuantificado en ejecución de sentencia. f) Pago de los servicios públicos de luz, agua, gas y teléfonos con que cuente el inmueble hasta la desocupación y entrega material del inmueble. g) Pago de la cantidad de $391,842.54 (trescientos noventa y un mil ochocientos cuarenta y dos pesos 54/100 m.n.), más el impuesto al valor agregado, por concepto de pena convencional. h) Pago de los gastos y costas que se originen con motivo de la tramitación del presente juicio. Quedando a disposición de dicha persona, en la Secretaría de esta Coordinación de Gestión Judicial, correspondiente traslado al codemandado José Alberto Sánchez Guevara. Un sobre cerrado, Cuatro facturas, debidamente selladas y rubricadas por la Secretaría de este Tribunal. A fin de que dentro del término de 5 cinco días comparezca ante este Tribunal a producir su contestación por escrito y ofrecer sus pruebas, apercibido de que en caso de no hacerlo o de presentarla extemporáneamente se tendrá por contestada la demanda en sentido negativo conforme lo prevé el artículo 1046 del citado ordenamiento procesal. En la inteligencia de que la notificación hecha de esta manera surtirá sus efectos a los 10 diez días contados a partir del siguiente al de la última publicación, lo anterior con fundamento en lo dispuesto por el artículo 73 del citado Ordenamiento Procesal Civil. Por último, prevéngase al codemandado José Alberto Sánchez Guevara, que señale domicilio para oír y recibir notificaciones en cualquiera de los municipios de Apodaca, General Escobedo, Guadalupe, Monterrey, San Nicolás de los Garza, San Pedro Garza García y Santa Catarina, Nuevo León, apercibido de que en caso de no hacerlo así, las notificaciones personales se le harán por medio de instructivo que se publicará en la tabla de avisos electrónica de la Coordinación de Gestión Judicial, acorde a lo establecido en el artículo 68 del Código Procesal Civil. Doy fe.

ÁNGEL GABRIEL GÁMEZ VÁZQUEZ
C. SECRETARIO ADSCRITO A LA COORDINACIÓN DE GESTIÓN JUDICIAL DE LOS JUZGADOS DE JUICIO CIVIL ORAL
(7, 8 y 9)
EDICTO

Al Ciudadano: Delfino Cervantes Bernal. Domicilio: Ignorado. En fecha 14 catorce de enero del año 2025 dos mil veinticinco, se admitió a trámite ante este Juzgado Segundo de Juicio Familiar Oral del Tercer Distrito Judicial del Estado, bajo el expediente judicial número 89/2025, el Juicio Oral de divorcio incausado, promovido por Alejandra Guadalupe Cervantes Bernal, en contra de Delfino Cervantes Bernal. Luego, en fecha antes mencionada, esta Autoridad ordenó emplazar a la parte demandada para que dentro del término de 09-nueve días ocurra a producir su contestación si tuviese excepciones y defensas que hacer valer, por lo que mediante auto de fecha 01 primero de diciembre del año 2025 dos mil veinticinco, se ordenó emplazar al ciudadano Delfino Cervantes Bernal por medio de edictos que deberán publicarse por tres veces consecutivas tanto en el Periódico Oficial del Estado, Boletín Judicial, como en el periódico de mayor circulación en la Entidad, a fin de que dentro del término de 09-nueve días ocurra a producir su contestación, y a oponer las excepciones que tuviera, quedando a su disposición en la Secretaría de este Juzgado las copias de traslado correspondientes. En la inteligencia de que la notificación realizada por medio de edictos surtirá sus efectos a los 10 diez días contados desde el siguiente al de la última publicación. Asimismo, prevéngase a la parte demandada a fin de que señale domicilio para oír y recibir notificaciones, apercibida de que en caso de no hacerlo así, las subsecuentes notificaciones se le harán por medio de instructivo que se fije en la tabla de avisos del Juzgado, acorde a lo dispuesto por los artículos 68 y 73 del Código de Procedimientos Civiles del Estado. Doy fe. San Nicolás de los Garza, Nuevo León, a 17 diecisiete de diciembre de 2025 dos mil veinticinco.

TAYDE DEL SOCORRO BLASCO AZUARA
C. SECRETARIO ADSCRITO A LA COORDINACIÓN DE GESTIÓN JUDICIAL DE LOS JUZGADOS DE JUICIO FAMILIAR ORAL
(5, 6 y 7)
EDICTO

Con fecha 31 treinta y uno de octubre de 2025 dos mil veinticinco, se admitió a trámite en el Juzgado Primero de Juicio Familiar Oral del Primer Distrito Judicial del Estado, el juicio sucesorio de intestado a bienes de Raquel Díaz Sánchez, que promueve Rodolfo Ayala Díaz, bajo el número de expediente judicial número 289/2025, ordenándose la publicación de un edicto por una sola vez en el Boletín Judicial, así como en el periódico El Porvenir que se edita en esta ciudad, convocando a las personas que se crean con derecho a la herencia para que acudan a deducirlo dentro del término de 30 treinta días contados desde la fecha de la publicación del edicto. Doy fe. Galeana, N.L., a 28 de noviembre de 2025.

LA C. SECRETARIO DEL JUZGADO MIXTO DE LO CIVIL Y FAMILIAR DE PRIMERA INSTANCIA DEL DÉCIMO PRIMER DISTRITO JUDICIAL EN EL ESTADO
LICENCIADA ROSA MARGARITA HERNÁNDEZ HERNÁNDEZ
(7)
